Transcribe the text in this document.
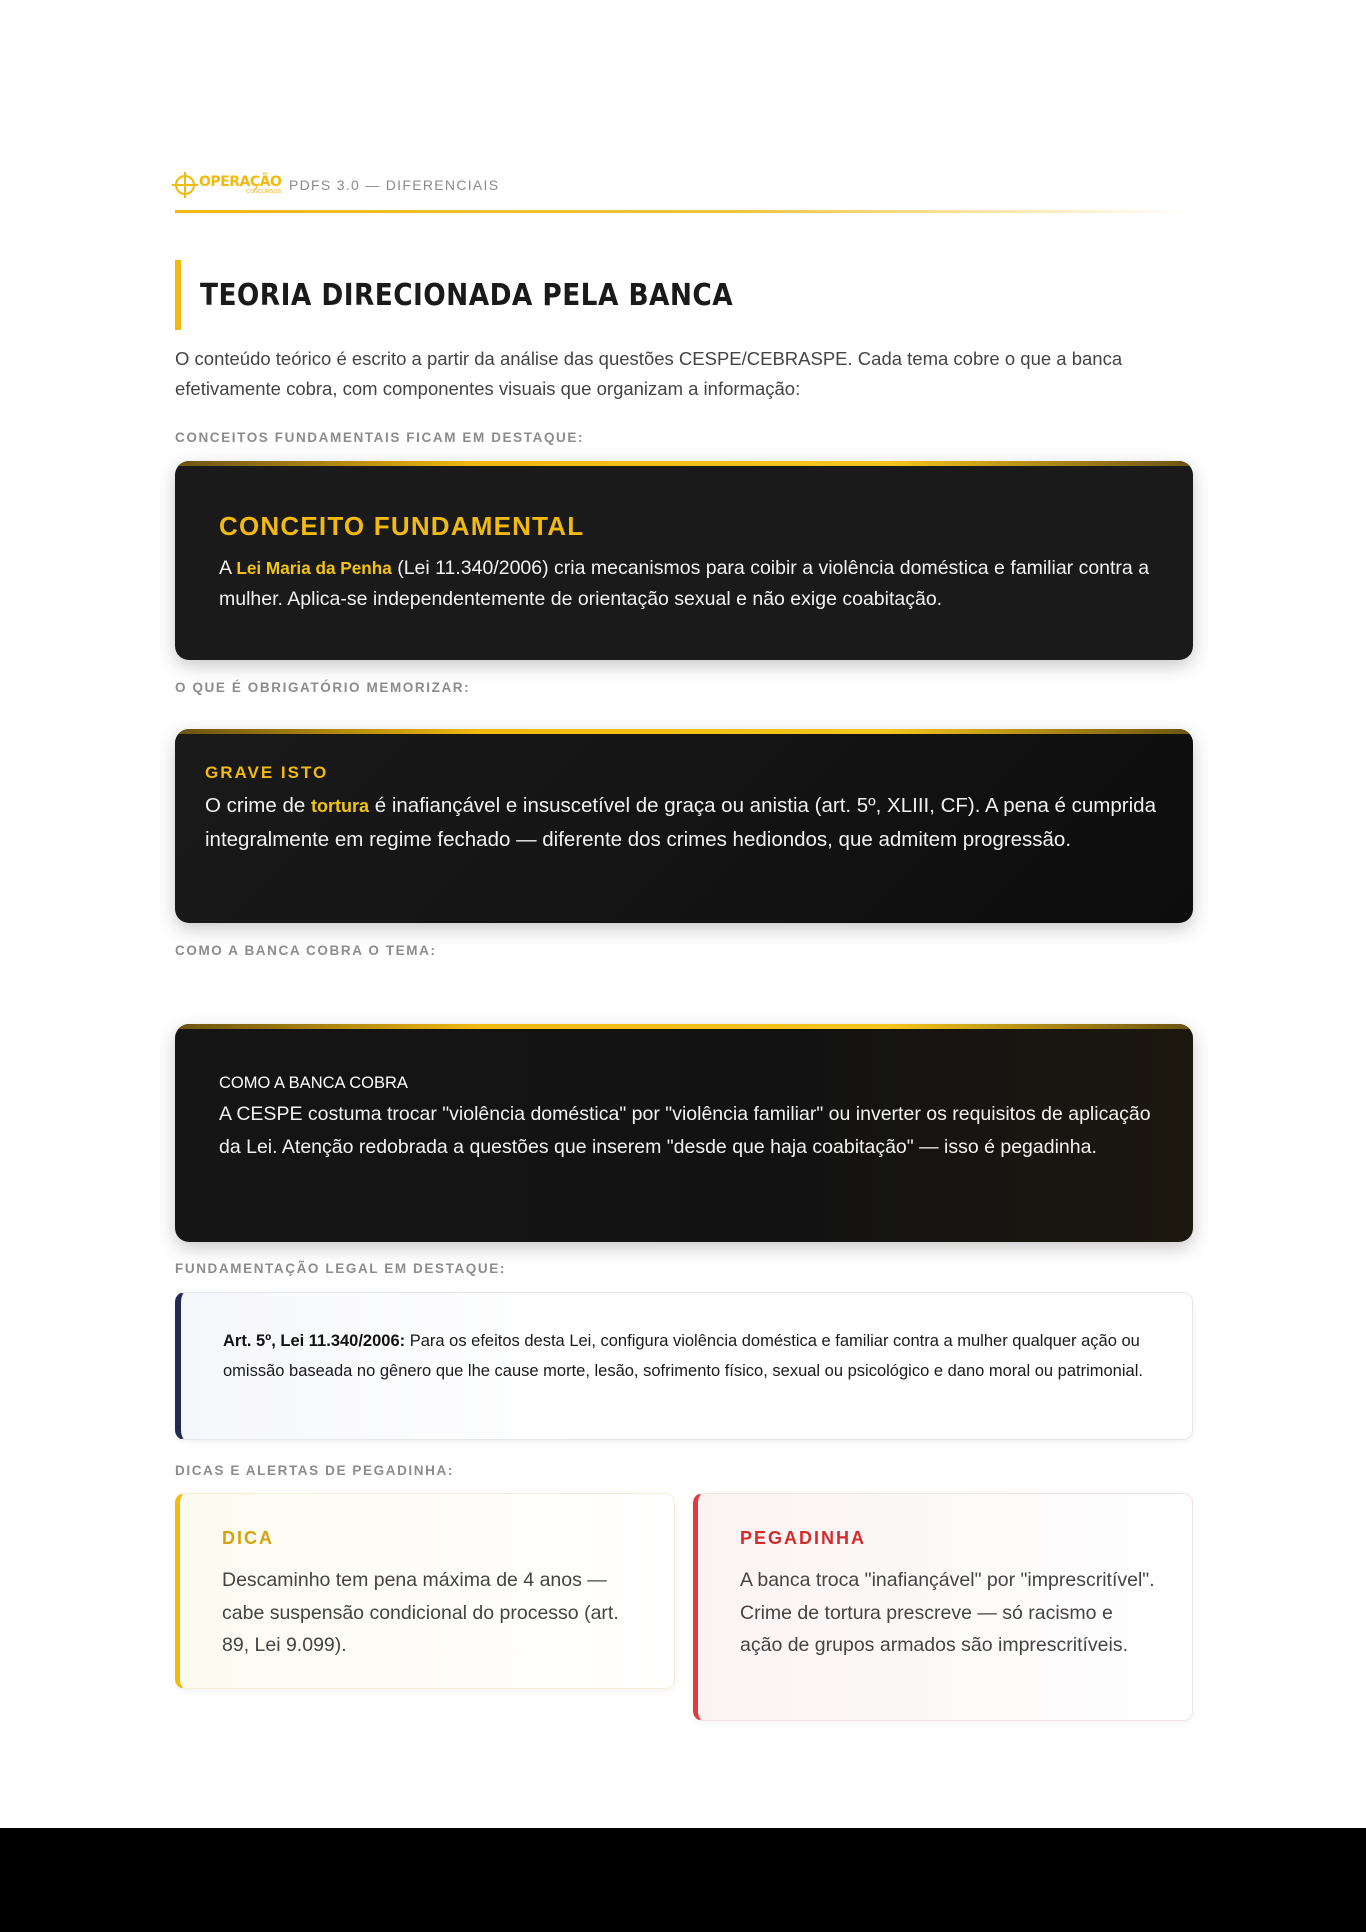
OPERAÇÃO
CONCURSOS PDFS 3.0 — DIFERENCIAIS
TEORIA DIRECIONADA PELA BANCA

O conteúdo teórico é escrito a partir da análise das questões CESPE/CEBRASPE. Cada tema cobre o que a banca efetivamente cobra, com componentes visuais que organizam a informação:

CONCEITOS FUNDAMENTAIS FICAM EM DESTAQUE:
CONCEITO FUNDAMENTAL

A Lei Maria da Penha (Lei 11.340/2006) cria mecanismos para coibir a violência doméstica e familiar contra a mulher. Aplica-se independentemente de orientação sexual e não exige coabitação.

O QUE É OBRIGATÓRIO MEMORIZAR:
GRAVE ISTO

O crime de tortura é inafiançável e insuscetível de graça ou anistia (art. 5º, XLIII, CF). A pena é cumprida integralmente em regime fechado — diferente dos crimes hediondos, que admitem progressão.

COMO A BANCA COBRA O TEMA:
COMO A BANCA COBRA

A CESPE costuma trocar "violência doméstica" por "violência familiar" ou inverter os requisitos de aplicação da Lei. Atenção redobrada a questões que inserem "desde que haja coabitação" — isso é pegadinha.

FUNDAMENTAÇÃO LEGAL EM DESTAQUE:

Art. 5º, Lei 11.340/2006: Para os efeitos desta Lei, configura violência doméstica e familiar contra a mulher qualquer ação ou omissão baseada no gênero que lhe cause morte, lesão, sofrimento físico, sexual ou psicológico e dano moral ou patrimonial.

DICAS E ALERTAS DE PEGADINHA:
DICA

Descaminho tem pena máxima de 4 anos — cabe suspensão condicional do processo (art. 89, Lei 9.099).

PEGADINHA

A banca troca "inafiançável" por "imprescritível". Crime de tortura prescreve — só racismo e ação de grupos armados são imprescritíveis.
